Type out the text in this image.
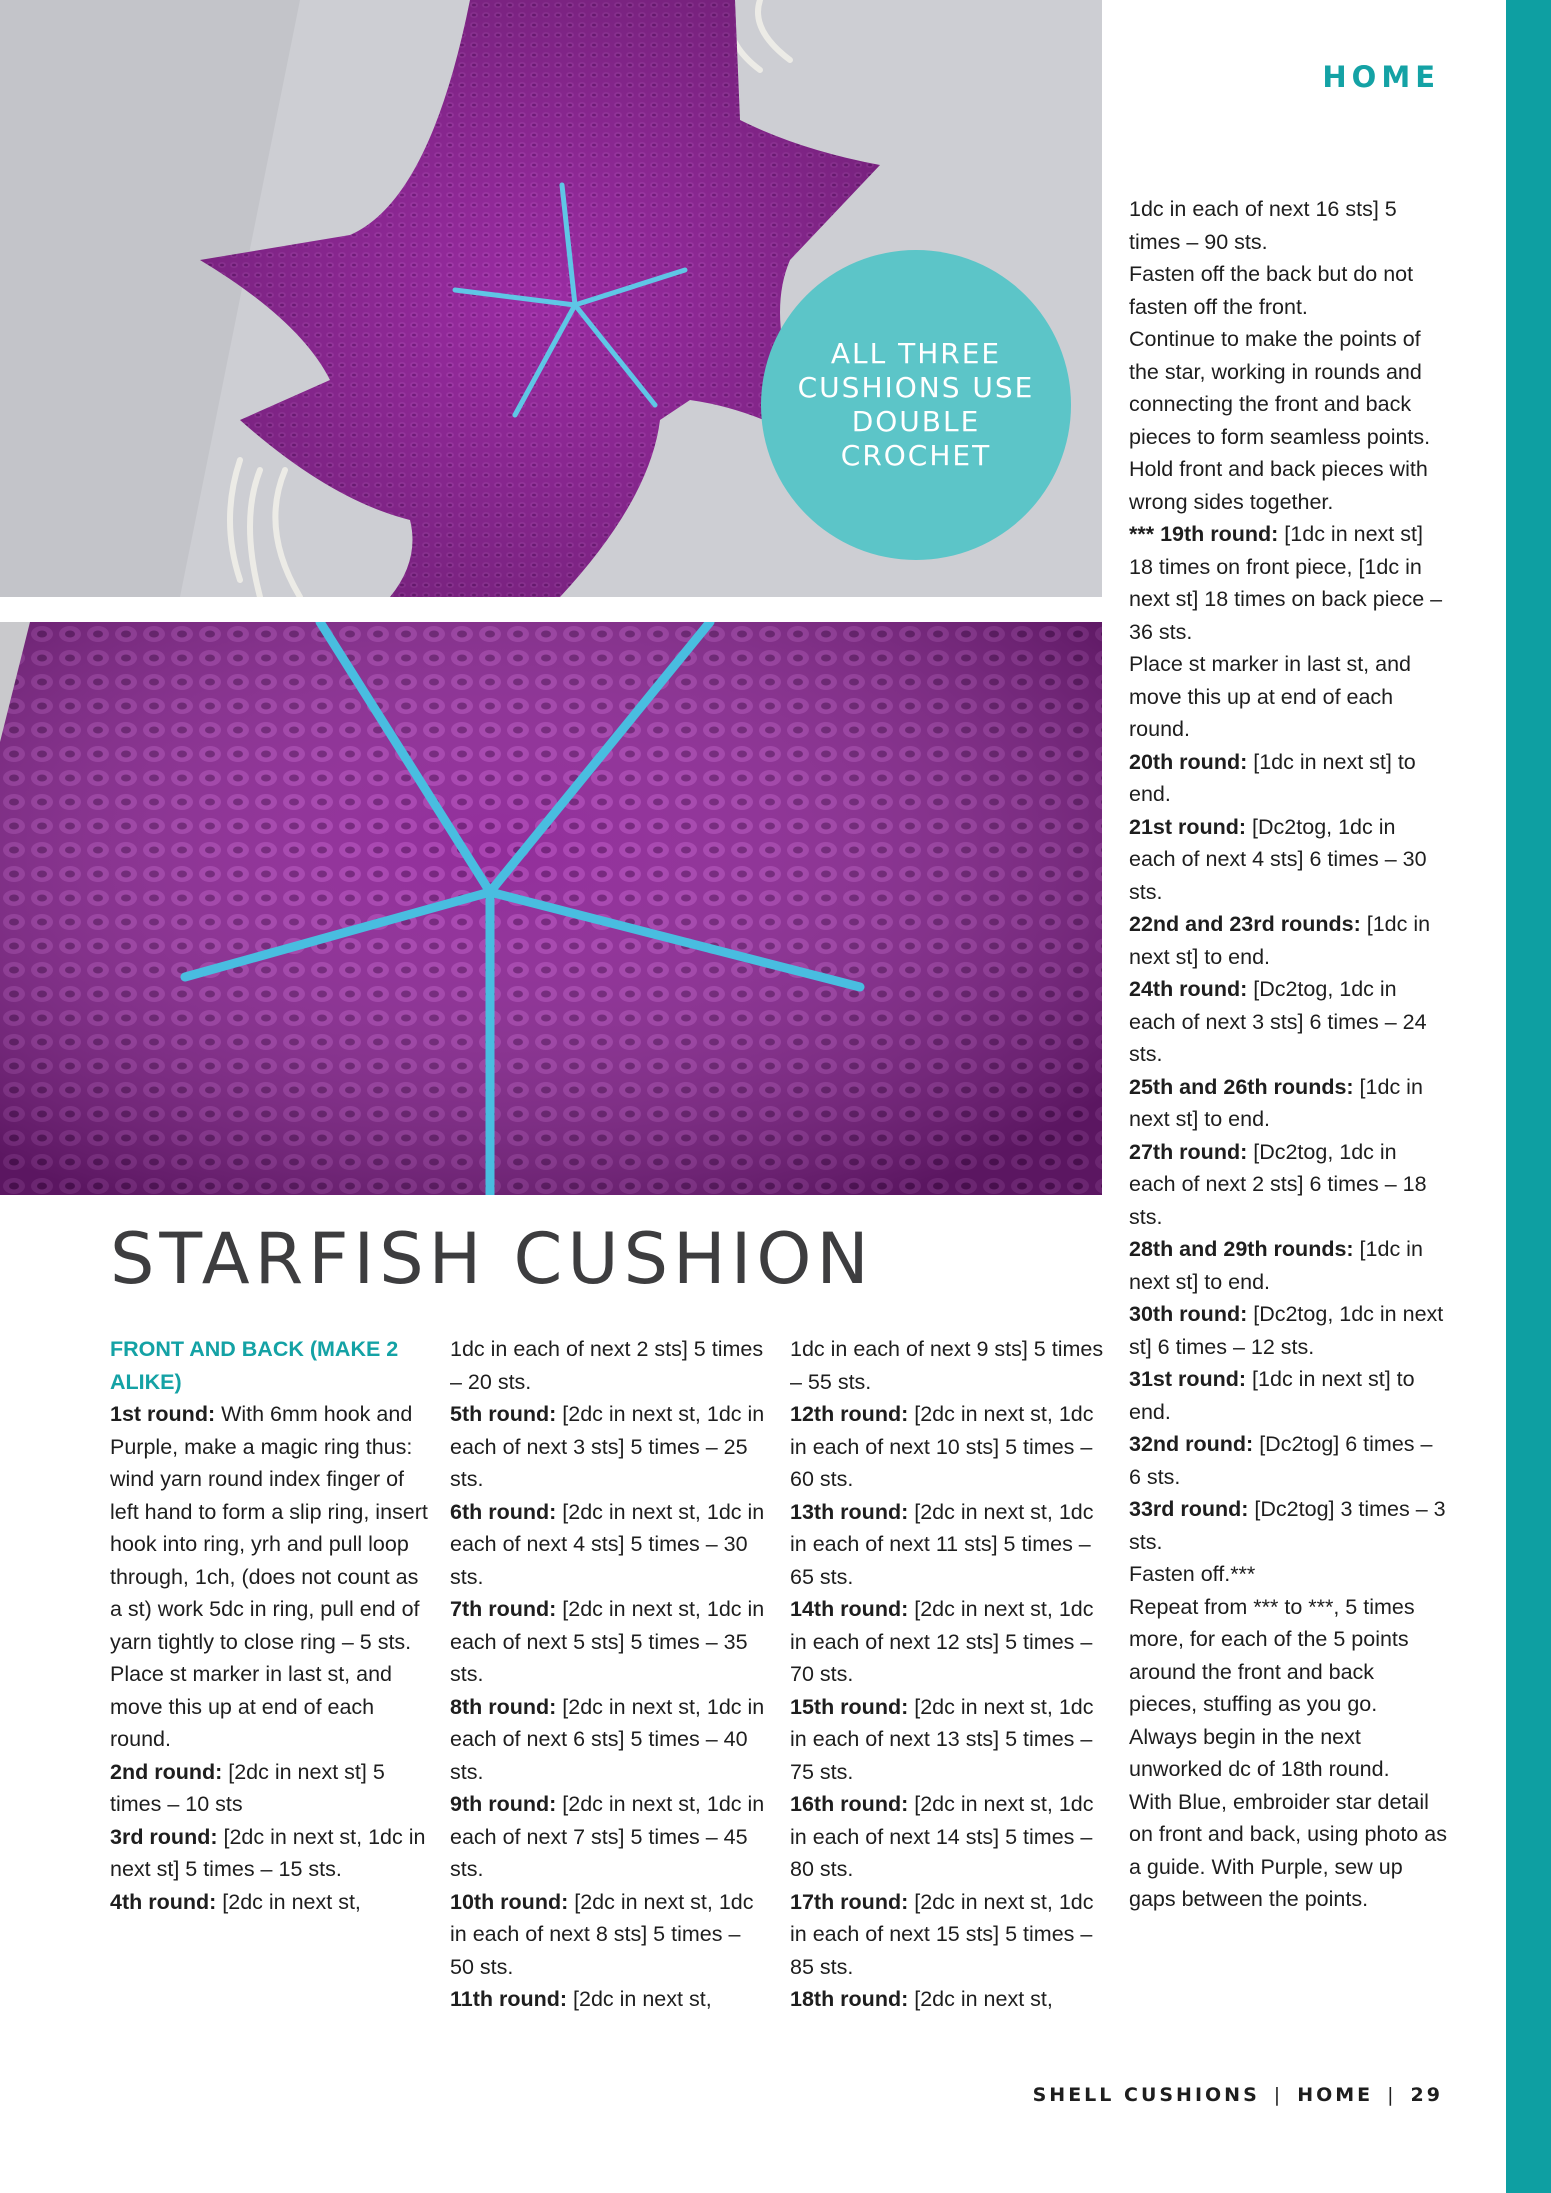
HOME
ALL THREE CUSHIONS USE DOUBLE CROCHET
STARFISH CUSHION

FRONT AND BACK (MAKE 2 ALIKE)

1st round: With 6mm hook and Purple, make a magic ring thus: wind yarn round index finger of left hand to form a slip ring, insert hook into ring, yrh and pull loop through, 1ch, (does not count as a st) work 5dc in ring, pull end of yarn tightly to close ring – 5 sts.

Place st marker in last st, and move this up at end of each round.

2nd round: [2dc in next st] 5 times – 10 sts

3rd round: [2dc in next st, 1dc in next st] 5 times – 15 sts.

4th round: [2dc in next st,

1dc in each of next 2 sts] 5 times – 20 sts.

5th round: [2dc in next st, 1dc in each of next 3 sts] 5 times – 25 sts.

6th round: [2dc in next st, 1dc in each of next 4 sts] 5 times – 30 sts.

7th round: [2dc in next st, 1dc in each of next 5 sts] 5 times – 35 sts.

8th round: [2dc in next st, 1dc in each of next 6 sts] 5 times – 40 sts.

9th round: [2dc in next st, 1dc in each of next 7 sts] 5 times – 45 sts.

10th round: [2dc in next st, 1dc in each of next 8 sts] 5 times – 50 sts.

11th round: [2dc in next st,

1dc in each of next 9 sts] 5 times – 55 sts.

12th round: [2dc in next st, 1dc in each of next 10 sts] 5 times – 60 sts.

13th round: [2dc in next st, 1dc in each of next 11 sts] 5 times – 65 sts.

14th round: [2dc in next st, 1dc in each of next 12 sts] 5 times – 70 sts.

15th round: [2dc in next st, 1dc in each of next 13 sts] 5 times – 75 sts.

16th round: [2dc in next st, 1dc in each of next 14 sts] 5 times – 80 sts.

17th round: [2dc in next st, 1dc in each of next 15 sts] 5 times – 85 sts.

18th round: [2dc in next st,

1dc in each of next 16 sts] 5 times – 90 sts.

Fasten off the back but do not fasten off the front.

Continue to make the points of the star, working in rounds and connecting the front and back pieces to form seamless points. Hold front and back pieces with wrong sides together.

*** 19th round: [1dc in next st] 18 times on front piece, [1dc in next st] 18 times on back piece – 36 sts.

Place st marker in last st, and move this up at end of each round.

20th round: [1dc in next st] to end.

21st round: [Dc2tog, 1dc in each of next 4 sts] 6 times – 30 sts.

22nd and 23rd rounds: [1dc in next st] to end.

24th round: [Dc2tog, 1dc in each of next 3 sts] 6 times – 24 sts.

25th and 26th rounds: [1dc in next st] to end.

27th round: [Dc2tog, 1dc in each of next 2 sts] 6 times – 18 sts.

28th and 29th rounds: [1dc in next st] to end.

30th round: [Dc2tog, 1dc in next st] 6 times – 12 sts.

31st round: [1dc in next st] to end.

32nd round: [Dc2tog] 6 times – 6 sts.

33rd round: [Dc2tog] 3 times – 3 sts.

Fasten off.***

Repeat from *** to ***, 5 times more, for each of the 5 points around the front and back pieces, stuffing as you go. Always begin in the next unworked dc of 18th round.

With Blue, embroider star detail on front and back, using photo as a guide. With Purple, sew up gaps between the points.

SHELL CUSHIONS | HOME | 29
